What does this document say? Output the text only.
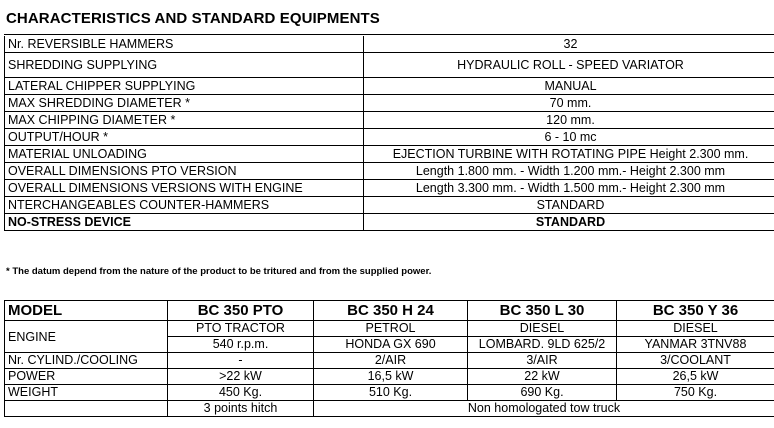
CHARACTERISTICS AND STANDARD EQUIPMENTS
Nr. REVERSIBLE HAMMERS	32
SHREDDING SUPPLYING	HYDRAULIC ROLL - SPEED VARIATOR
LATERAL CHIPPER SUPPLYING	MANUAL
MAX SHREDDING DIAMETER *	70 mm.
MAX CHIPPING DIAMETER *	120 mm.
OUTPUT/HOUR *	6 - 10 mc
MATERIAL UNLOADING	EJECTION TURBINE WITH ROTATING PIPE Height 2.300 mm.
OVERALL DIMENSIONS PTO VERSION	Length 1.800 mm. - Width 1.200 mm.- Height 2.300 mm
OVERALL DIMENSIONS VERSIONS WITH ENGINE	Length 3.300 mm. - Width 1.500 mm.- Height 2.300 mm
NTERCHANGEABLES COUNTER-HAMMERS	STANDARD
NO-STRESS DEVICE	STANDARD
* The datum depend from the nature of the product to be tritured and from the supplied power.
MODEL	BC 350 PTO	BC 350 H 24	BC 350 L 30	BC 350 Y 36
ENGINE	PTO TRACTOR	PETROL	DIESEL	DIESEL
	540 r.p.m.	HONDA GX 690	LOMBARD. 9LD 625/2	YANMAR 3TNV88
Nr. CYLIND./COOLING	-	2/AIR	3/AIR	3/COOLANT
POWER	>22 kW	16,5 kW	22 kW	26,5 kW
WEIGHT	450 Kg.	510 Kg.	690 Kg.	750 Kg.
	3 points hitch	Non homologated tow truck		
